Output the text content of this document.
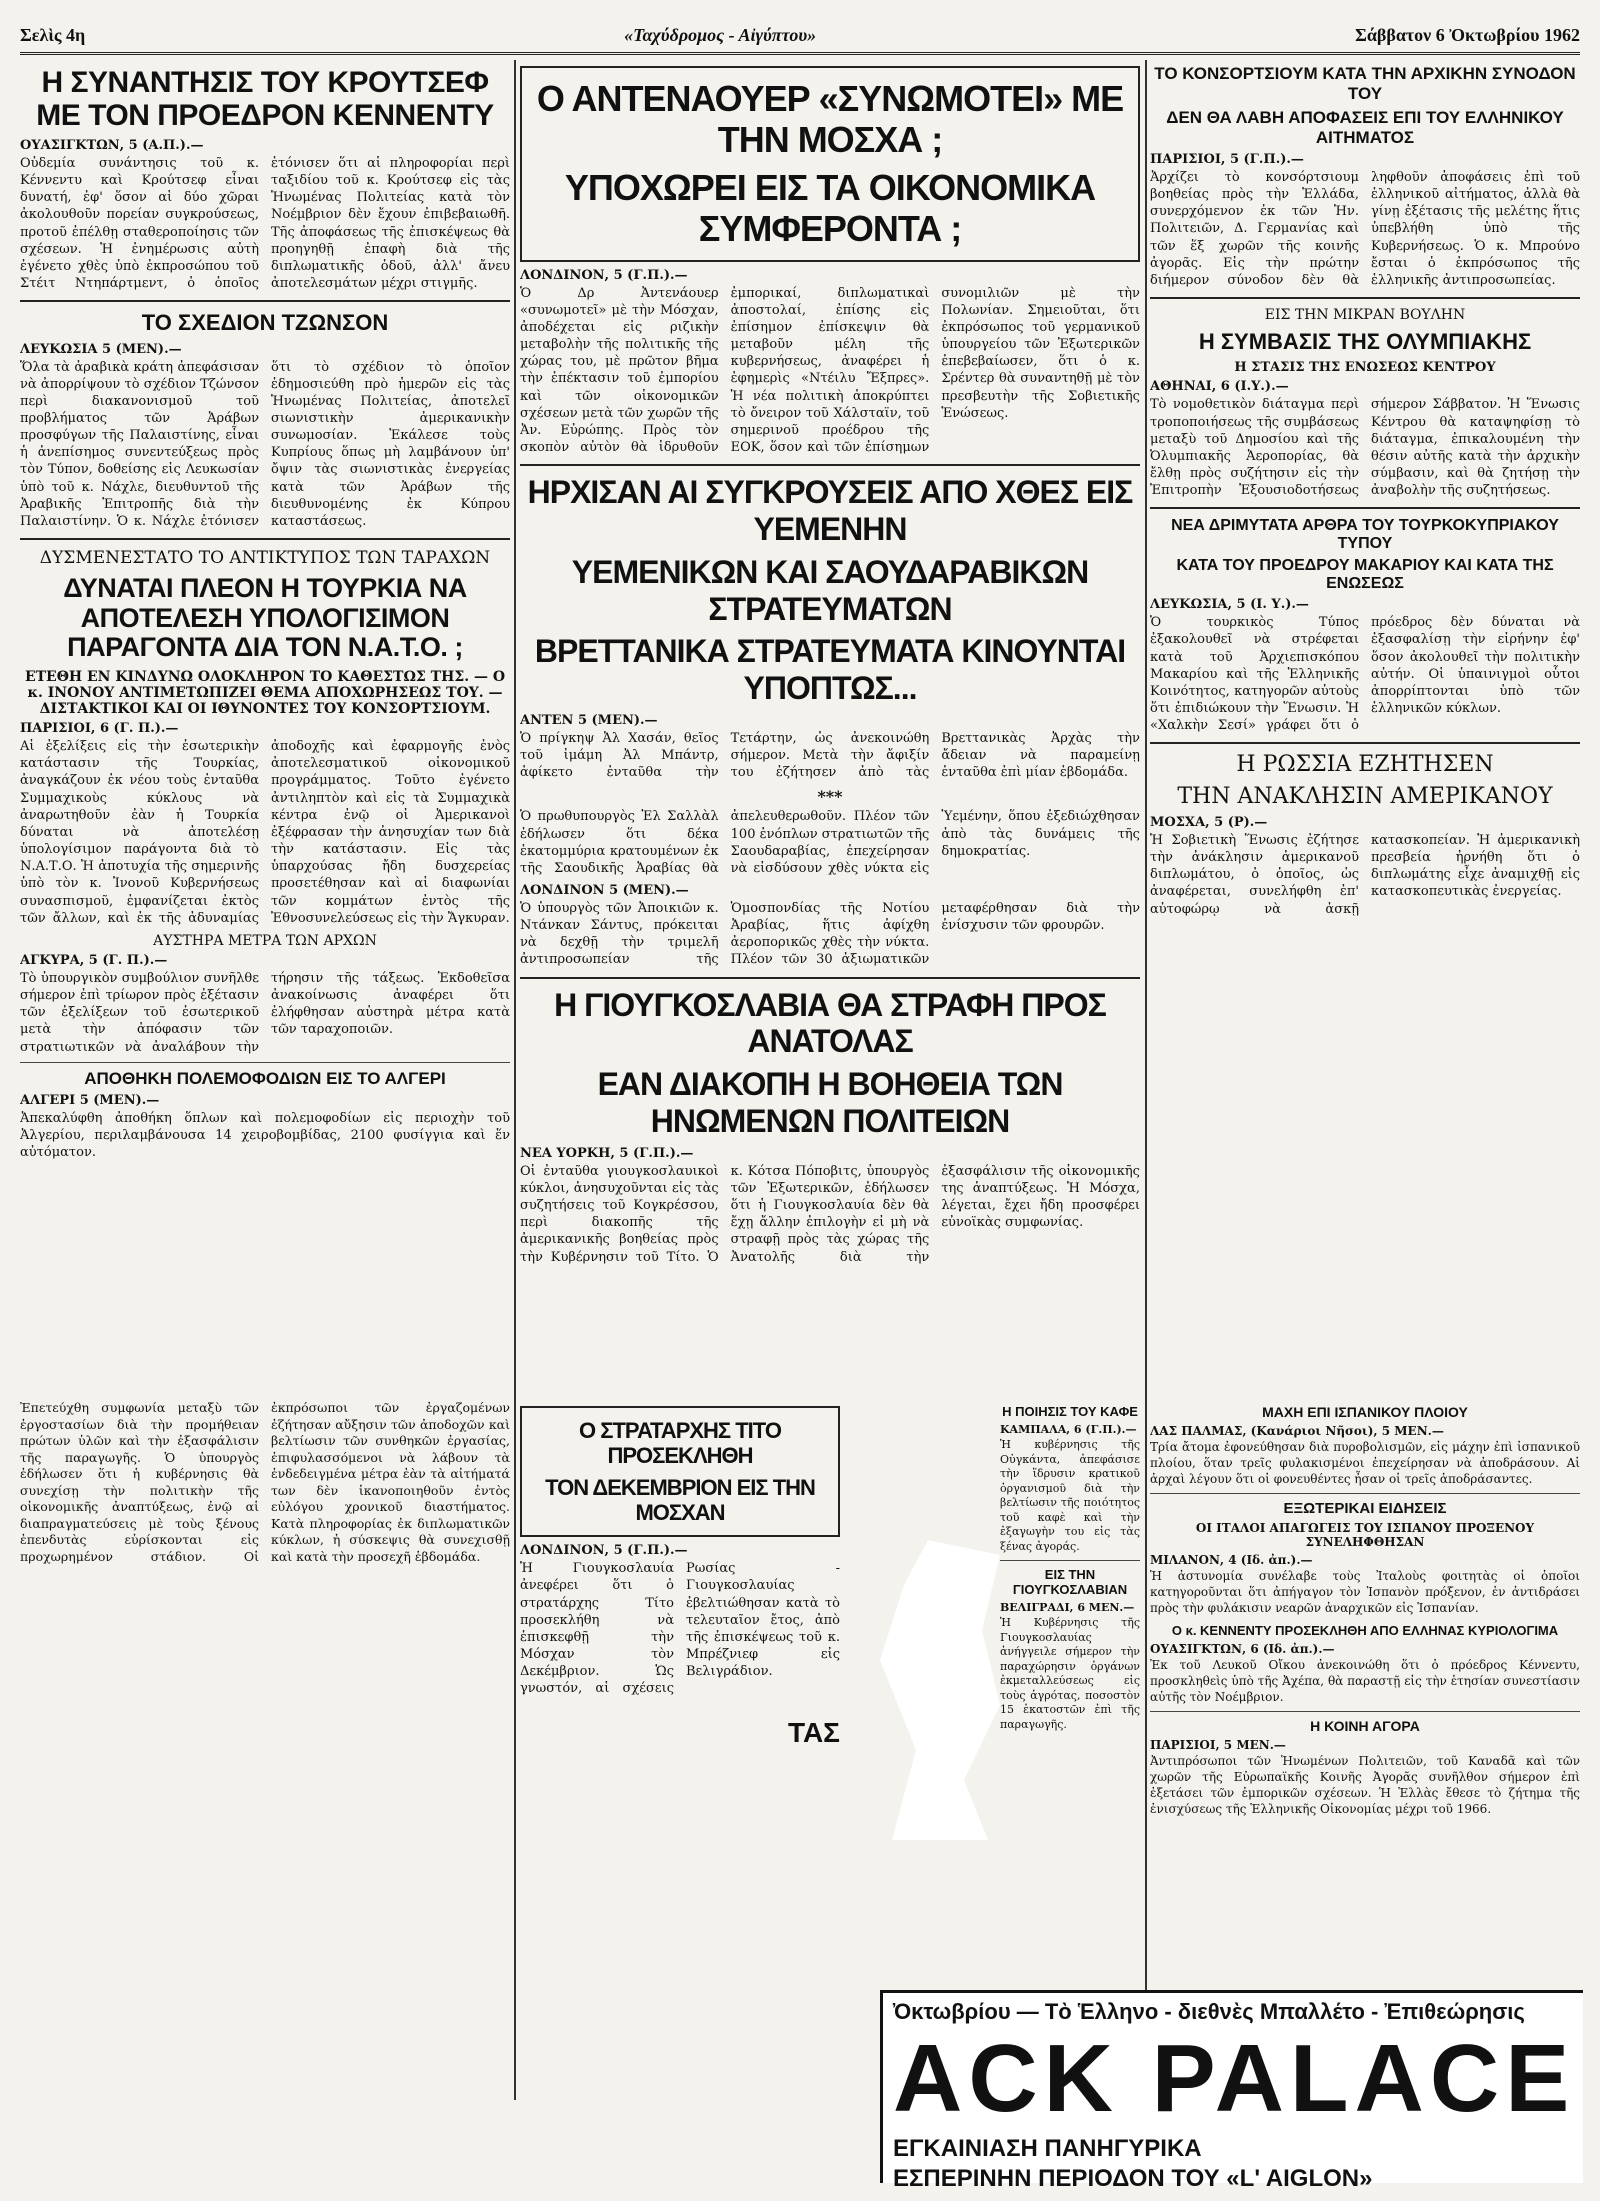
Σελὶς 4η	«Ταχύδρομος - Αἰγύπτου»	Σάββατον 6 Ὀκτωβρίου 1962
Η ΣΥΝΑΝΤΗΣΙΣ ΤΟΥ ΚΡΟΥΤΣΕΦ ΜΕ ΤΟΝ ΠΡΟΕΔΡΟΝ ΚΕΝΝΕΝΤΥ
ΟΥΑΣΙΓΚΤΩΝ, 5 (Α.Π.).—
Οὐδεμία συνάντησις τοῦ κ. Κέννεντυ καὶ Κρούτσεφ εἶναι δυνατή, ἐφ' ὅσον αἱ δύο χῶραι ἀκολουθοῦν πορείαν συγκρούσεως, προτοῦ ἐπέλθῃ σταθεροποίησις τῶν σχέσεων. Ἡ ἐνημέρωσις αὐτὴ ἐγένετο χθὲς ὑπὸ ἐκπροσώπου τοῦ Στέιτ Ντηπάρτμεντ, ὁ ὁποῖος ἐτόνισεν ὅτι αἱ πληροφορίαι περὶ ταξιδίου τοῦ κ. Κρούτσεφ εἰς τὰς Ἡνωμένας Πολιτείας κατὰ τὸν Νοέμβριον δὲν ἔχουν ἐπιβεβαιωθῆ. Τῆς ἀποφάσεως τῆς ἐπισκέψεως θὰ προηγηθῇ ἐπαφὴ διὰ τῆς διπλωματικῆς ὁδοῦ, ἀλλ' ἄνευ ἀποτελεσμάτων μέχρι στιγμῆς.
ΤΟ ΣΧΕΔΙΟΝ ΤΖΩΝΣΟΝ
ΛΕΥΚΩΣΙΑ 5 (ΜΕΝ).—
Ὅλα τὰ ἀραβικὰ κράτη ἀπεφάσισαν νὰ ἀπορρίψουν τὸ σχέδιον Τζώνσον περὶ διακανονισμοῦ τοῦ προβλήματος τῶν Ἀράβων προσφύγων τῆς Παλαιστίνης, εἶναι ἡ ἀνεπίσημος συνεντεύξεως πρὸς τὸν Τύπον, δοθείσης εἰς Λευκωσίαν ὑπὸ τοῦ κ. Νάχλε, διευθυντοῦ τῆς Ἀραβικῆς Ἐπιτροπῆς διὰ τὴν Παλαιστίνην. Ὁ κ. Νάχλε ἐτόνισεν ὅτι τὸ σχέδιον τὸ ὁποῖον ἐδημοσιεύθη πρὸ ἡμερῶν εἰς τὰς Ἡνωμένας Πολιτείας, ἀποτελεῖ σιωνιστικὴν ἀμερικανικὴν συνωμοσίαν. Ἐκάλεσε τοὺς Κυπρίους ὅπως μὴ λαμβάνουν ὑπ' ὄψιν τὰς σιωνιστικὰς ἐνεργείας κατὰ τῶν Ἀράβων τῆς διευθυνομένης ἐκ Κύπρου καταστάσεως.
ΔΥΣΜΕΝΕΣΤΑΤΟ ΤΟ ΑΝΤΙΚΤΥΠΟΣ ΤΩΝ ΤΑΡΑΧΩΝ
ΔΥΝΑΤΑΙ ΠΛΕΟΝ Η ΤΟΥΡΚΙΑ ΝΑ ΑΠΟΤΕΛΕΣΗ ΥΠΟΛΟΓΙΣΙΜΟΝ ΠΑΡΑΓΟΝΤΑ ΔΙΑ ΤΟΝ Ν.Α.Τ.Ο. ;
ΕΤΕΘΗ ΕΝ ΚΙΝΔΥΝΩ ΟΛΟΚΛΗΡΟΝ ΤΟ ΚΑΘΕΣΤΩΣ ΤΗΣ. — Ο κ. ΙΝΟΝΟΥ ΑΝΤΙΜΕΤΩΠΙΖΕΙ ΘΕΜΑ ΑΠΟΧΩΡΗΣΕΩΣ ΤΟΥ. — ΔΙΣΤΑΚΤΙΚΟΙ ΚΑΙ ΟΙ ΙΘΥΝΟΝΤΕΣ ΤΟΥ ΚΟΝΣΟΡΤΣΙΟΥΜ.
ΠΑΡΙΣΙΟΙ, 6 (Γ. Π.).—
Αἱ ἐξελίξεις εἰς τὴν ἐσωτερικὴν κατάστασιν τῆς Τουρκίας, ἀναγκάζουν ἐκ νέου τοὺς ἐνταῦθα Συμμαχικοὺς κύκλους νὰ ἀναρωτηθοῦν ἐὰν ἡ Τουρκία δύναται νὰ ἀποτελέσῃ ὑπολογίσιμον παράγοντα διὰ τὸ Ν.Α.Τ.Ο. Ἡ ἀποτυχία τῆς σημερινῆς ὑπὸ τὸν κ. Ἰνονοῦ Κυβερνήσεως συνασπισμοῦ, ἐμφανίζεται ἐκτὸς τῶν ἄλλων, καὶ ἐκ τῆς ἀδυναμίας ἀποδοχῆς καὶ ἐφαρμογῆς ἐνὸς ἀποτελεσματικοῦ οἰκονομικοῦ προγράμματος. Τοῦτο ἐγένετο ἀντιληπτὸν καὶ εἰς τὰ Συμμαχικὰ κέντρα ἐνῷ οἱ Ἀμερικανοὶ ἐξέφρασαν τὴν ἀνησυχίαν των διὰ τὴν κατάστασιν. Εἰς τὰς ὑπαρχούσας ἤδη δυσχερείας προσετέθησαν καὶ αἱ διαφωνίαι τῶν κομμάτων ἐντὸς τῆς Ἐθνοσυνελεύσεως εἰς τὴν Ἄγκυραν.
ΑΥΣΤΗΡΑ ΜΕΤΡΑ ΤΩΝ ΑΡΧΩΝ
ΑΓΚΥΡΑ, 5 (Γ. Π.).—
Τὸ ὑπουργικὸν συμβούλιον συνῆλθε σήμερον ἐπὶ τρίωρον πρὸς ἐξέτασιν τῶν ἐξελίξεων τοῦ ἐσωτερικοῦ μετὰ τὴν ἀπόφασιν τῶν στρατιωτικῶν νὰ ἀναλάβουν τὴν τήρησιν τῆς τάξεως. Ἐκδοθεῖσα ἀνακοίνωσις ἀναφέρει ὅτι ἐλήφθησαν αὐστηρὰ μέτρα κατὰ τῶν ταραχοποιῶν.
ΑΠΟΘΗΚΗ ΠΟΛΕΜΟΦΟΔΙΩΝ ΕΙΣ ΤΟ ΑΛΓΕΡΙ
ΑΛΓΕΡΙ 5 (ΜΕΝ).—
Ἀπεκαλύφθη ἀποθήκη ὅπλων καὶ πολεμοφοδίων εἰς περιοχὴν τοῦ Ἀλγερίου, περιλαμβάνουσα 14 χειροβομβίδας, 2100 φυσίγγια καὶ ἕν αὐτόματον.
Ο ΑΝΤΕΝΑΟΥΕΡ «ΣΥΝΩΜΟΤΕΙ» ΜΕ ΤΗΝ ΜΟΣΧΑ ;
ΥΠΟΧΩΡΕΙ ΕΙΣ ΤΑ ΟΙΚΟΝΟΜΙΚΑ ΣΥΜΦΕΡΟΝΤΑ ;
ΛΟΝΔΙΝΟΝ, 5 (Γ.Π.).—
Ὁ Δρ Ἀντενάουερ «συνωμοτεῖ» μὲ τὴν Μόσχαν, ἀποδέχεται εἰς ριζικὴν μεταβολὴν τῆς πολιτικῆς τῆς χώρας του, μὲ πρῶτον βῆμα τὴν ἐπέκτασιν τοῦ ἐμπορίου καὶ τῶν οἰκονομικῶν σχέσεων μετὰ τῶν χωρῶν τῆς Ἀν. Εὐρώπης. Πρὸς τὸν σκοπὸν αὐτὸν θὰ ἱδρυθοῦν ἐμπορικαί, διπλωματικαὶ ἀποστολαί, ἐπίσης εἰς ἐπίσημον ἐπίσκεψιν θὰ μεταβοῦν μέλη τῆς κυβερνήσεως, ἀναφέρει ἡ ἐφημερὶς «Ντέιλυ Ἔξπρες». Ἡ νέα πολιτικὴ ἀποκρύπτει τὸ ὄνειρον τοῦ Χάλσταϊν, τοῦ σημερινοῦ προέδρου τῆς ΕΟΚ, ὅσον καὶ τῶν ἐπίσημων συνομιλιῶν μὲ τὴν Πολωνίαν. Σημειοῦται, ὅτι ἐκπρόσωπος τοῦ γερμανικοῦ ὑπουργείου τῶν Ἐξωτερικῶν ἐπεβεβαίωσεν, ὅτι ὁ κ. Σρέντερ θὰ συναντηθῇ μὲ τὸν πρεσβευτὴν τῆς Σοβιετικῆς Ἑνώσεως.
ΗΡΧΙΣΑΝ ΑΙ ΣΥΓΚΡΟΥΣΕΙΣ ΑΠΟ ΧΘΕΣ ΕΙΣ ΥΕΜΕΝΗΝ
ΥΕΜΕΝΙΚΩΝ ΚΑΙ ΣΑΟΥΔΑΡΑΒΙΚΩΝ ΣΤΡΑΤΕΥΜΑΤΩΝ
ΒΡΕΤΤΑΝΙΚΑ ΣΤΡΑΤΕΥΜΑΤΑ ΚΙΝΟΥΝΤΑΙ ΥΠΟΠΤΩΣ...
ΑΝΤΕΝ 5 (ΜΕΝ).—
Ὁ πρίγκηψ Ἀλ Χασάν, θεῖος τοῦ ἰμάμη Ἀλ Μπάντρ, ἀφίκετο ἐνταῦθα τὴν Τετάρτην, ὡς ἀνεκοινώθη σήμερον. Μετὰ τὴν ἄφιξίν του ἐζήτησεν ἀπὸ τὰς Βρεττανικὰς Ἀρχὰς τὴν ἄδειαν νὰ παραμείνῃ ἐνταῦθα ἐπὶ μίαν ἑβδομάδα.
***
Ὁ πρωθυπουργὸς Ἐλ Σαλλὰλ ἐδήλωσεν ὅτι δέκα ἑκατομμύρια κρατουμένων ἐκ τῆς Σαουδικῆς Ἀραβίας θὰ ἀπελευθερωθοῦν. Πλέον τῶν 100 ἐνόπλων στρατιωτῶν τῆς Σαουδαραβίας, ἐπεχείρησαν νὰ εἰσδύσουν χθὲς νύκτα εἰς Ὑεμένην, ὅπου ἐξεδιώχθησαν ἀπὸ τὰς δυνάμεις τῆς δημοκρατίας.
ΛΟΝΔΙΝΟΝ 5 (ΜΕΝ).—
Ὁ ὑπουργὸς τῶν Ἀποικιῶν κ. Ντάνκαν Σάντυς, πρόκειται νὰ δεχθῇ τὴν τριμελῆ ἀντιπροσωπείαν τῆς Ὁμοσπονδίας τῆς Νοτίου Ἀραβίας, ἥτις ἀφίχθη ἀεροπορικῶς χθὲς τὴν νύκτα. Πλέον τῶν 30 ἀξιωματικῶν μεταφέρθησαν διὰ τὴν ἐνίσχυσιν τῶν φρουρῶν.
Η ΓΙΟΥΓΚΟΣΛΑΒΙΑ ΘΑ ΣΤΡΑΦΗ ΠΡΟΣ ΑΝΑΤΟΛΑΣ
ΕΑΝ ΔΙΑΚΟΠΗ Η ΒΟΗΘΕΙΑ ΤΩΝ ΗΝΩΜΕΝΩΝ ΠΟΛΙΤΕΙΩΝ
ΝΕΑ ΥΟΡΚΗ, 5 (Γ.Π.).—
Οἱ ἐνταῦθα γιουγκοσλαυικοὶ κύκλοι, ἀνησυχοῦνται εἰς τὰς συζητήσεις τοῦ Κογκρέσσου, περὶ διακοπῆς τῆς ἀμερικανικῆς βοηθείας πρὸς τὴν Κυβέρνησιν τοῦ Τίτο. Ὁ κ. Κότσα Πόποβιτς, ὑπουργὸς τῶν Ἐξωτερικῶν, ἐδήλωσεν ὅτι ἡ Γιουγκοσλαυία δὲν θὰ ἔχῃ ἄλλην ἐπιλογὴν εἰ μὴ νὰ στραφῇ πρὸς τὰς χώρας τῆς Ἀνατολῆς διὰ τὴν ἐξασφάλισιν τῆς οἰκονομικῆς της ἀναπτύξεως. Ἡ Μόσχα, λέγεται, ἔχει ἤδη προσφέρει εὐνοϊκὰς συμφωνίας.
ΤΟ ΚΟΝΣΟΡΤΣΙΟΥΜ ΚΑΤΑ ΤΗΝ ΑΡΧΙΚΗΝ ΣΥΝΟΔΟΝ ΤΟΥ
ΔΕΝ ΘΑ ΛΑΒΗ ΑΠΟΦΑΣΕΙΣ ΕΠΙ ΤΟΥ ΕΛΛΗΝΙΚΟΥ ΑΙΤΗΜΑΤΟΣ
ΠΑΡΙΣΙΟΙ, 5 (Γ.Π.).—
Ἀρχίζει τὸ κονσόρτσιουμ βοηθείας πρὸς τὴν Ἑλλάδα, συνερχόμενον ἐκ τῶν Ἡν. Πολιτειῶν, Δ. Γερμανίας καὶ τῶν ἕξ χωρῶν τῆς κοινῆς ἀγορᾶς. Εἰς τὴν πρώτην διήμερον σύνοδον δὲν θὰ ληφθοῦν ἀποφάσεις ἐπὶ τοῦ ἑλληνικοῦ αἰτήματος, ἀλλὰ θὰ γίνῃ ἐξέτασις τῆς μελέτης ἥτις ὑπεβλήθη ὑπὸ τῆς Κυβερνήσεως. Ὁ κ. Μπρούνο ἔσται ὁ ἐκπρόσωπος τῆς ἑλληνικῆς ἀντιπροσωπείας.
ΕΙΣ ΤΗΝ ΜΙΚΡΑΝ ΒΟΥΛΗΝ
Η ΣΥΜΒΑΣΙΣ ΤΗΣ ΟΛΥΜΠΙΑΚΗΣ
Η ΣΤΑΣΙΣ ΤΗΣ ΕΝΩΣΕΩΣ ΚΕΝΤΡΟΥ
ΑΘΗΝΑΙ, 6 (Ι.Υ.).—
Τὸ νομοθετικὸν διάταγμα περὶ τροποποιήσεως τῆς συμβάσεως μεταξὺ τοῦ Δημοσίου καὶ τῆς Ὀλυμπιακῆς Ἀεροπορίας, θὰ ἔλθῃ πρὸς συζήτησιν εἰς τὴν Ἐπιτροπὴν Ἐξουσιοδοτήσεως σήμερον Σάββατον. Ἡ Ἕνωσις Κέντρου θὰ καταψηφίσῃ τὸ διάταγμα, ἐπικαλουμένη τὴν θέσιν αὐτῆς κατὰ τὴν ἀρχικὴν σύμβασιν, καὶ θὰ ζητήσῃ τὴν ἀναβολὴν τῆς συζητήσεως.
ΝΕΑ ΔΡΙΜΥΤΑΤΑ ΑΡΘΡΑ ΤΟΥ ΤΟΥΡΚΟΚΥΠΡΙΑΚΟΥ ΤΥΠΟΥ
ΚΑΤΑ ΤΟΥ ΠΡΟΕΔΡΟΥ ΜΑΚΑΡΙΟΥ ΚΑΙ ΚΑΤΑ ΤΗΣ ΕΝΩΣΕΩΣ
ΛΕΥΚΩΣΙΑ, 5 (Ι. Υ.).—
Ὁ τουρκικὸς Τύπος ἐξακολουθεῖ νὰ στρέφεται κατὰ τοῦ Ἀρχιεπισκόπου Μακαρίου καὶ τῆς Ἑλληνικῆς Κοινότητος, κατηγορῶν αὐτοὺς ὅτι ἐπιδιώκουν τὴν Ἕνωσιν. Ἡ «Χαλκὴν Σεσί» γράφει ὅτι ὁ πρόεδρος δὲν δύναται νὰ ἐξασφαλίσῃ τὴν εἰρήνην ἐφ' ὅσον ἀκολουθεῖ τὴν πολιτικὴν αὐτήν. Οἱ ὑπαινιγμοὶ οὗτοι ἀπορρίπτονται ὑπὸ τῶν ἑλληνικῶν κύκλων.
Η ΡΩΣΣΙΑ ΕΖΗΤΗΣΕΝ
ΤΗΝ ΑΝΑΚΛΗΣΙΝ ΑΜΕΡΙΚΑΝΟΥ
ΜΟΣΧΑ, 5 (Ρ).—
Ἡ Σοβιετικὴ Ἕνωσις ἐζήτησε τὴν ἀνάκλησιν ἀμερικανοῦ διπλωμάτου, ὁ ὁποῖος, ὡς ἀναφέρεται, συνελήφθη ἐπ' αὐτοφώρῳ νὰ ἀσκῇ κατασκοπείαν. Ἡ ἀμερικανικὴ πρεσβεία ἠρνήθη ὅτι ὁ διπλωμάτης εἶχε ἀναμιχθῇ εἰς κατασκοπευτικὰς ἐνεργείας.
Ἐπετεύχθη συμφωνία μεταξὺ τῶν ἐργοστασίων διὰ τὴν προμήθειαν πρώτων ὑλῶν καὶ τὴν ἐξασφάλισιν τῆς παραγωγῆς. Ὁ ὑπουργὸς ἐδήλωσεν ὅτι ἡ κυβέρνησις θὰ συνεχίσῃ τὴν πολιτικὴν τῆς οἰκονομικῆς ἀναπτύξεως, ἐνῷ αἱ διαπραγματεύσεις μὲ τοὺς ξένους ἐπενδυτὰς εὑρίσκονται εἰς προχωρημένον στάδιον. Οἱ ἐκπρόσωποι τῶν ἐργαζομένων ἐζήτησαν αὔξησιν τῶν ἀποδοχῶν καὶ βελτίωσιν τῶν συνθηκῶν ἐργασίας, ἐπιφυλασσόμενοι νὰ λάβουν τὰ ἐνδεδειγμένα μέτρα ἐὰν τὰ αἰτήματά των δὲν ἱκανοποιηθοῦν ἐντὸς εὐλόγου χρονικοῦ διαστήματος. Κατὰ πληροφορίας ἐκ διπλωματικῶν κύκλων, ἡ σύσκεψις θὰ συνεχισθῇ καὶ κατὰ τὴν προσεχῆ ἑβδομάδα.
Ο ΣΤΡΑΤΑΡΧΗΣ ΤΙΤΟ ΠΡΟΣΕΚΛΗΘΗ
ΤΟΝ ΔΕΚΕΜΒΡΙΟΝ ΕΙΣ ΤΗΝ ΜΟΣΧΑΝ
ΛΟΝΔΙΝΟΝ, 5 (Γ.Π.).—
Ἡ Γιουγκοσλαυία ἀνεφέρει ὅτι ὁ στρατάρχης Τίτο προσεκλήθη νὰ ἐπισκεφθῇ τὴν Μόσχαν τὸν Δεκέμβριον. Ὡς γνωστόν, αἱ σχέσεις Ρωσίας - Γιουγκοσλαυίας ἐβελτιώθησαν κατὰ τὸ τελευταῖον ἔτος, ἀπὸ τῆς ἐπισκέψεως τοῦ κ. Μπρέζνιεφ εἰς Βελιγράδιον.
ΤΑΣ
Η ΠΟΙΗΣΙΣ ΤΟΥ ΚΑΦΕ
ΚΑΜΠΑΛΑ, 6 (Γ.Π.).—
Ἡ κυβέρνησις τῆς Οὐγκάντα, ἀπεφάσισε τὴν ἵδρυσιν κρατικοῦ ὀργανισμοῦ διὰ τὴν βελτίωσιν τῆς ποιότητος τοῦ καφὲ καὶ τὴν ἐξαγωγὴν του εἰς τὰς ξένας ἀγοράς.
ΕΙΣ ΤΗΝ ΓΙΟΥΓΚΟΣΛΑΒΙΑΝ
ΒΕΛΙΓΡΑΔΙ, 6 ΜΕΝ.—
Ἡ Κυβέρνησις τῆς Γιουγκοσλαυίας ἀνήγγειλε σήμερον τὴν παραχώρησιν ὀργάνων ἐκμεταλλεύσεως εἰς τοὺς ἀγρότας, ποσοστὸν 15 ἑκατοστῶν ἐπὶ τῆς παραγωγῆς.
ΜΑΧΗ ΕΠΙ ΙΣΠΑΝΙΚΟΥ ΠΛΟΙΟΥ
ΛΑΣ ΠΑΛΜΑΣ, (Κανάριοι Νῆσοι), 5 ΜΕΝ.—
Τρία ἄτομα ἐφονεύθησαν διὰ πυροβολισμῶν, εἰς μάχην ἐπὶ ἰσπανικοῦ πλοίου, ὅταν τρεῖς φυλακισμένοι ἐπεχείρησαν νὰ ἀποδράσουν. Αἱ ἀρχαὶ λέγουν ὅτι οἱ φονευθέντες ἦσαν οἱ τρεῖς ἀποδράσαντες.
ΕΞΩΤΕΡΙΚΑΙ ΕΙΔΗΣΕΙΣ
ΟΙ ΙΤΑΛΟΙ ΑΠΑΓΩΓΕΙΣ ΤΟΥ ΙΣΠΑΝΟΥ ΠΡΟΞΕΝΟΥ ΣΥΝΕΛΗΦΘΗΣΑΝ
ΜΙΛΑΝΟΝ, 4 (Ιδ. ἀπ.).—
Ἡ ἀστυνομία συνέλαβε τοὺς Ἰταλοὺς φοιτητὰς οἱ ὁποῖοι κατηγοροῦνται ὅτι ἀπήγαγον τὸν Ἰσπανὸν πρόξενον, ἐν ἀντιδράσει πρὸς τὴν φυλάκισιν νεαρῶν ἀναρχικῶν εἰς Ἱσπανίαν.
Ο κ. ΚΕΝΝΕΝΤΥ ΠΡΟΣΕΚΛΗΘΗ ΑΠΟ ΕΛΛΗΝΑΣ ΚΥΡΙΟΛΟΓΙΜΑ
ΟΥΑΣΙΓΚΤΩΝ, 6 (Ιδ. ἀπ.).—
Ἐκ τοῦ Λευκοῦ Οἴκου ἀνεκοινώθη ὅτι ὁ πρόεδρος Κέννεντυ, προσκληθεὶς ὑπὸ τῆς Ἀχέπα, θὰ παραστῇ εἰς τὴν ἑτησίαν συνεστίασιν αὐτῆς τὸν Νοέμβριον.
Η ΚΟΙΝΗ ΑΓΟΡΑ
ΠΑΡΙΣΙΟΙ, 5 ΜΕΝ.—
Ἀντιπρόσωποι τῶν Ἡνωμένων Πολιτειῶν, τοῦ Καναδᾶ καὶ τῶν χωρῶν τῆς Εὐρωπαϊκῆς Κοινῆς Ἀγορᾶς συνῆλθον σήμερον ἐπὶ ἐξετάσει τῶν ἐμπορικῶν σχέσεων. Ἡ Ἑλλὰς ἔθεσε τὸ ζήτημα τῆς ἐνισχύσεως τῆς Ἑλληνικῆς Οἰκονομίας μέχρι τοῦ 1966.
Ὀκτωβρίου — Τὸ Ἑλληνο - διεθνὲς Μπαλλέτο - Ἐπιθεώρησις
ACK PALACE
ΕΓΚΑΙΝΙΑΣΗ ΠΑΝΗΓΥΡΙΚΑ
ΕΣΠΕΡΙΝΗΝ ΠΕΡΙΟΔΟΝ ΤΟΥ «L' AIGLON»
